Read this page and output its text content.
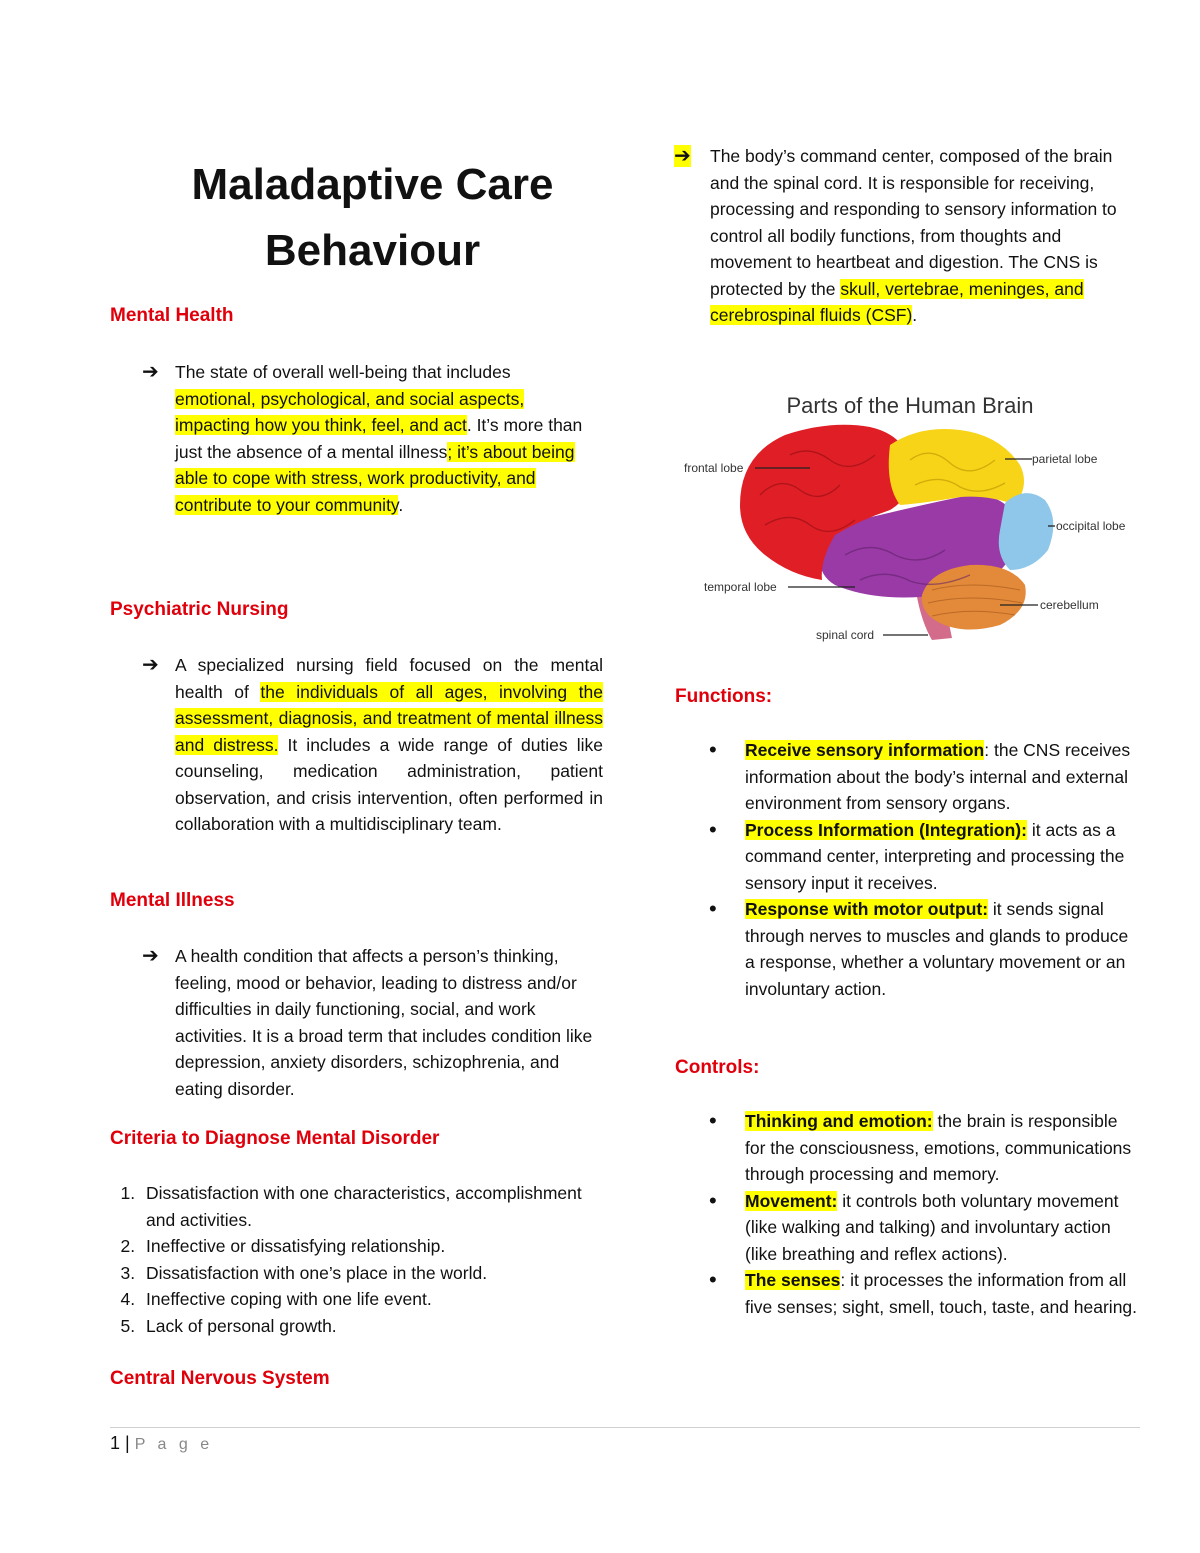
Maladaptive Care Behaviour
Mental Health
➔ The state of overall well-being that includes emotional, psychological, and social aspects, impacting how you think, feel, and act. It’s more than just the absence of a mental illness; it’s about being able to cope with stress, work productivity, and contribute to your community.
Psychiatric Nursing
➔ A specialized nursing field focused on the mental health of the individuals of all ages, involving the assessment, diagnosis, and treatment of mental illness and distress. It includes a wide range of duties like counseling, medication administration, patient observation, and crisis intervention, often performed in collaboration with a multidisciplinary team.
Mental Illness
➔ A health condition that affects a person’s thinking, feeling, mood or behavior, leading to distress and/or difficulties in daily functioning, social, and work activities. It is a broad term that includes condition like depression, anxiety disorders, schizophrenia, and eating disorder.
Criteria to Diagnose Mental Disorder
1. Dissatisfaction with one characteristics, accomplishment and activities.
2. Ineffective or dissatisfying relationship.
3. Dissatisfaction with one’s place in the world.
4. Ineffective coping with one life event.
5. Lack of personal growth.
Central Nervous System
➔ The body’s command center, composed of the brain and the spinal cord. It is responsible for receiving, processing and responding to sensory information to control all bodily functions, from thoughts and movement to heartbeat and digestion. The CNS is protected by the skull, vertebrae, meninges, and cerebrospinal fluids (CSF).
Parts of the Human Brain
frontal lobe
parietal lobe
occipital lobe
temporal lobe
cerebellum
spinal cord
Functions:
• Receive sensory information: the CNS receives information about the body’s internal and external environment from sensory organs.
• Process Information (Integration): it acts as a command center, interpreting and processing the sensory input it receives.
• Response with motor output: it sends signal through nerves to muscles and glands to produce a response, whether a voluntary movement or an involuntary action.
Controls:
• Thinking and emotion: the brain is responsible for the consciousness, emotions, communications through processing and memory.
• Movement: it controls both voluntary movement (like walking and talking) and involuntary action (like breathing and reflex actions).
• The senses: it processes the information from all five senses; sight, smell, touch, taste, and hearing.
1 | P a g e
